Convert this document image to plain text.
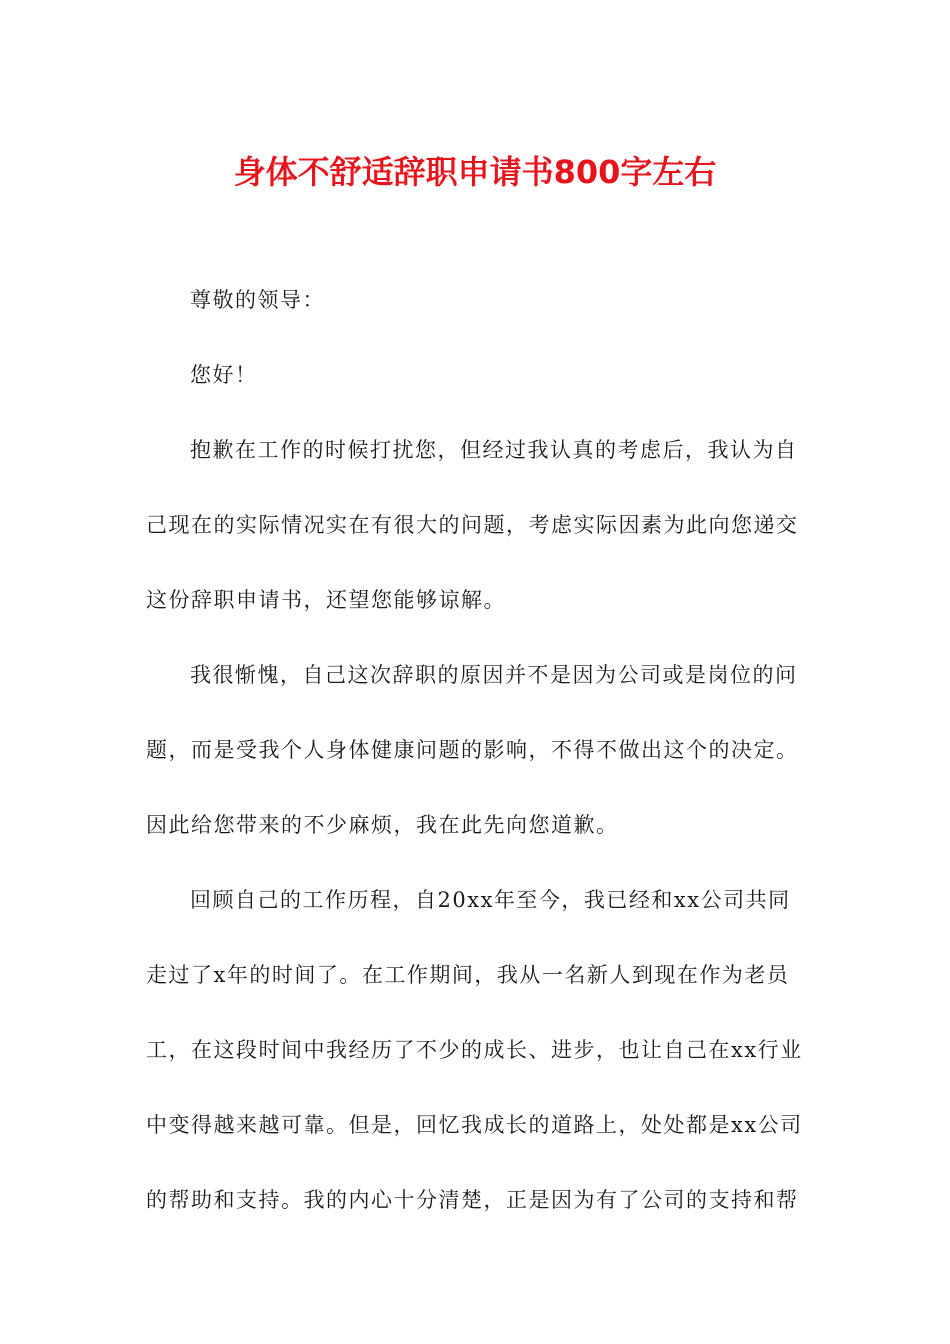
身体不舒适辞职申请书800字左右
尊敬的领导：
您好！
抱歉在工作的时候打扰您，但经过我认真的考虑后，我认为自
己现在的实际情况实在有很大的问题，考虑实际因素为此向您递交
这份辞职申请书，还望您能够谅解。
我很惭愧，自己这次辞职的原因并不是因为公司或是岗位的问
题，而是受我个人身体健康问题的影响，不得不做出这个的决定。
因此给您带来的不少麻烦，我在此先向您道歉。
回顾自己的工作历程，自20xx年至今，我已经和xx公司共同
走过了x年的时间了。在工作期间，我从一名新人到现在作为老员
工，在这段时间中我经历了不少的成长、进步，也让自己在xx行业
中变得越来越可靠。但是，回忆我成长的道路上，处处都是xx公司
的帮助和支持。我的内心十分清楚，正是因为有了公司的支持和帮
